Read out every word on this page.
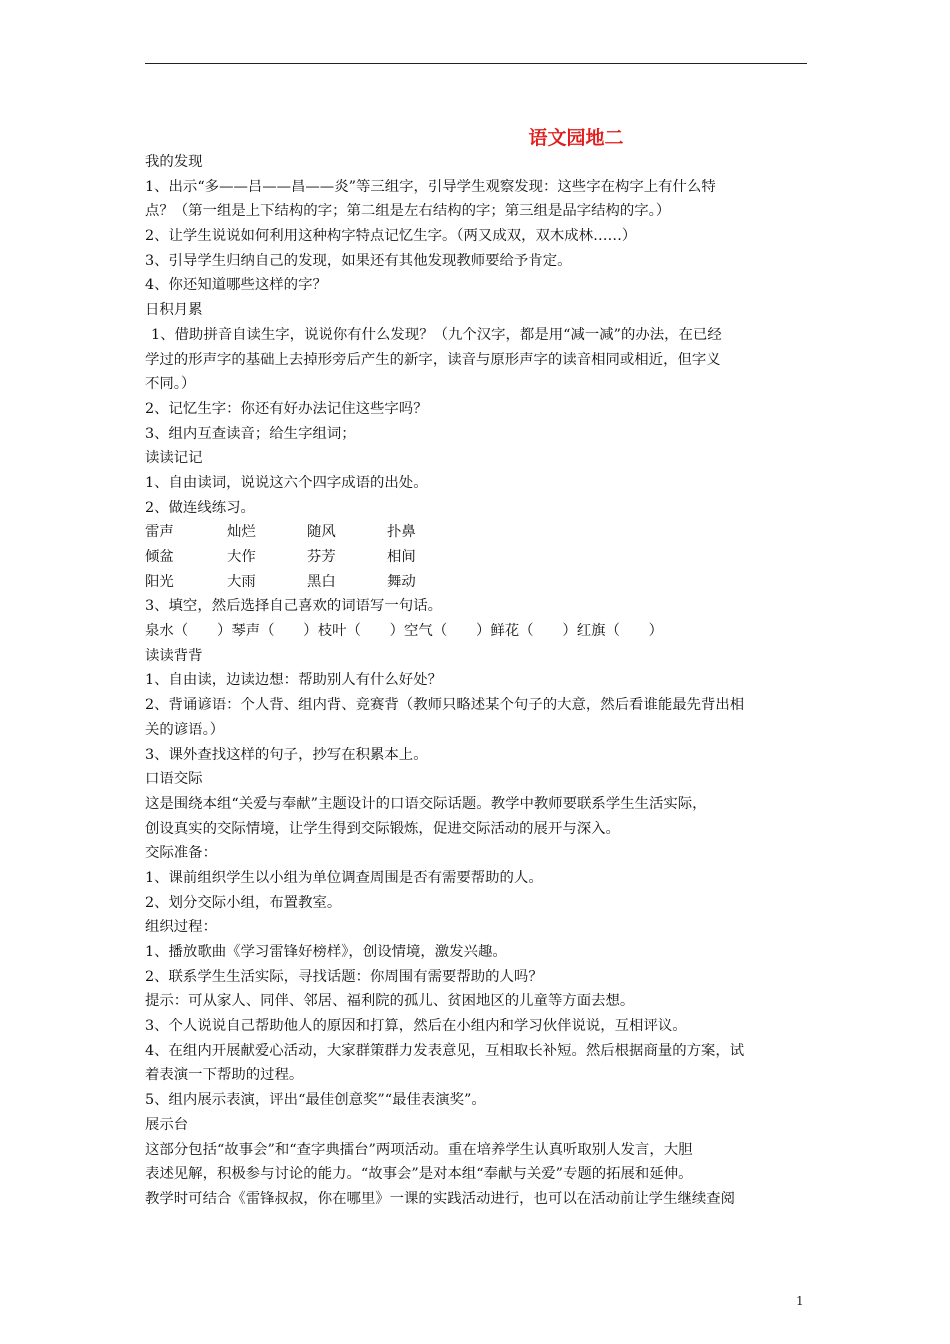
语文园地二
我的发现
1、出示“多——吕——昌——炎”等三组字，引导学生观察发现：这些字在构字上有什么特
点？（第一组是上下结构的字；第二组是左右结构的字；第三组是品字结构的字。）
2、让学生说说如何利用这种构字特点记忆生字。（两又成双，双木成林……）
3、引导学生归纳自己的发现，如果还有其他发现教师要给予肯定。
4、你还知道哪些这样的字？
日积月累
1、借助拼音自读生字，说说你有什么发现？（九个汉字，都是用“减一减”的办法，在已经
学过的形声字的基础上去掉形旁后产生的新字，读音与原形声字的读音相同或相近，但字义
不同。）
2、记忆生字：你还有好办法记住这些字吗？
3、组内互查读音；给生字组词；
读读记记
1、自由读词，说说这六个四字成语的出处。
2、做连线练习。
雷声	灿烂	随风	扑鼻
倾盆	大作	芬芳	相间
阳光	大雨	黑白	舞动
3、填空，然后选择自己喜欢的词语写一句话。
泉水（　　）琴声（　　）枝叶（　　）空气（　　）鲜花（　　）红旗（　　）
读读背背
1、自由读，边读边想：帮助别人有什么好处？
2、背诵谚语：个人背、组内背、竞赛背（教师只略述某个句子的大意，然后看谁能最先背出相
关的谚语。）
3、课外查找这样的句子，抄写在积累本上。
口语交际
这是围绕本组“关爱与奉献”主题设计的口语交际话题。教学中教师要联系学生生活实际，
创设真实的交际情境，让学生得到交际锻炼，促进交际活动的展开与深入。
交际准备：
1、课前组织学生以小组为单位调查周围是否有需要帮助的人。
2、划分交际小组，布置教室。
组织过程：
1、播放歌曲《学习雷锋好榜样》，创设情境，激发兴趣。
2、联系学生生活实际，寻找话题：你周围有需要帮助的人吗？
提示：可从家人、同伴、邻居、福利院的孤儿、贫困地区的儿童等方面去想。
3、个人说说自己帮助他人的原因和打算，然后在小组内和学习伙伴说说，互相评议。
4、在组内开展献爱心活动，大家群策群力发表意见，互相取长补短。然后根据商量的方案，试
着表演一下帮助的过程。
5、组内展示表演，评出“最佳创意奖”“最佳表演奖”。
展示台
这部分包括“故事会”和“查字典擂台”两项活动。重在培养学生认真听取别人发言，大胆
表述见解，积极参与讨论的能力。“故事会”是对本组“奉献与关爱”专题的拓展和延伸。
教学时可结合《雷锋叔叔，你在哪里》一课的实践活动进行，也可以在活动前让学生继续查阅
1
